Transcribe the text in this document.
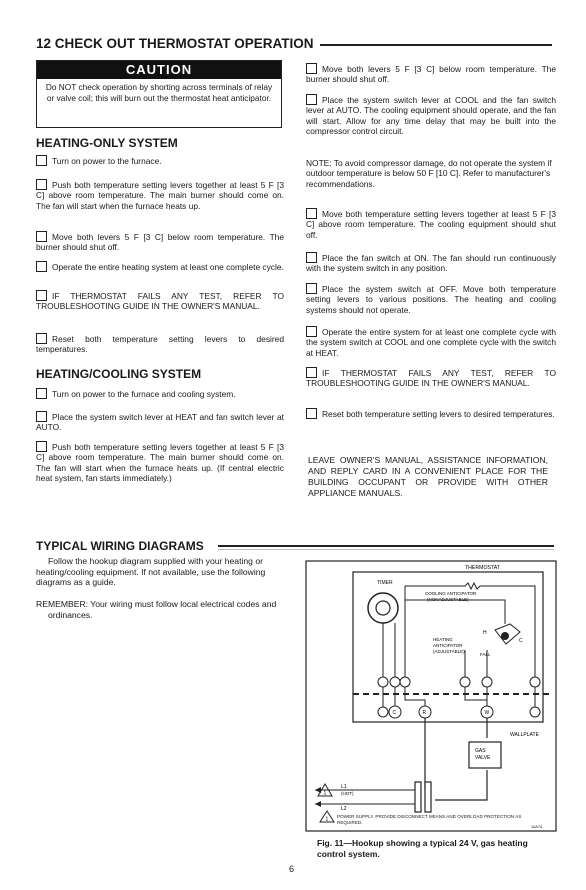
12 CHECK OUT THERMOSTAT OPERATION
CAUTION
Do NOT check operation by shorting across terminals of relay or valve coil; this will burn out the thermostat heat anticipator.
HEATING-ONLY SYSTEM
Turn on power to the furnace.
Push both temperature setting levers together at least 5 F [3 C] above room temperature. The main burner should come on. The fan will start when the furnace heats up.
Move both levers 5 F [3 C] below room temperature. The burner should shut off.
Operate the entire heating system at least one complete cycle.
IF THERMOSTAT FAILS ANY TEST, REFER TO TROUBLESHOOTING GUIDE IN THE OWNER'S MANUAL.
Reset both temperature setting levers to desired temperatures.
HEATING/COOLING SYSTEM
Turn on power to the furnace and cooling system.
Place the system switch lever at HEAT and fan switch lever at AUTO.
Push both temperature setting levers together at least 5 F [3 C] above room temperature. The main burner should come on. The fan will start when the furnace heats up. (If central electric heat system, fan starts immediately.)
Move both levers 5 F [3 C] below room temperature. The burner should shut off.
Place the system switch lever at COOL and the fan switch lever at AUTO. The cooling equipment should operate, and the fan will start. Allow for any time delay that may be built into the compressor control circuit.
NOTE: To avoid compressor damage, do not operate the system if outdoor temperature is below 50 F [10 C]. Refer to manufacturer's recommendations.
Move both temperature setting levers together at least 5 F [3 C] above room temperature. The cooling equipment should shut off.
Place the fan switch at ON. The fan should run continuously with the system switch in any position.
Place the system switch at OFF. Move both temperature setting levers to various positions. The heating and cooling systems should not operate.
Operate the entire system for at least one complete cycle with the system switch at COOL and one complete cycle with the switch at HEAT.
IF THERMOSTAT FAILS ANY TEST, REFER TO TROUBLESHOOTING GUIDE IN THE OWNER'S MANUAL.
Reset both temperature setting levers to desired temperatures.
LEAVE OWNER'S MANUAL, ASSISTANCE INFORMATION, AND REPLY CARD IN A CONVENIENT PLACE FOR THE BUILDING OCCUPANT OR PROVIDE WITH OTHER APPLIANCE MANUALS.
TYPICAL WIRING DIAGRAMS
Follow the hookup diagram supplied with your heating or heating/cooling equipment. If not available, use the following diagrams as a guide.
REMEMBER: Your wiring must follow local electrical codes and ordinances.
THERMOSTAT
TIMER
COOLING ANTICIPATOR
(NONADJUSTABLE)
HEATING
ANTICIPATOR
(ADJUSTABLE)
FALL
H
C
C	R	W
WALLPLATE
GAS
VALVE
L1
(HOT)
L2
1
1 POWER SUPPLY. PROVIDE DISCONNECT MEANS AND OVERLOAD PROTECTION AS REQUIRED.
11A74
Fig. 11—Hookup showing a typical 24 V, gas heating control system.
6
